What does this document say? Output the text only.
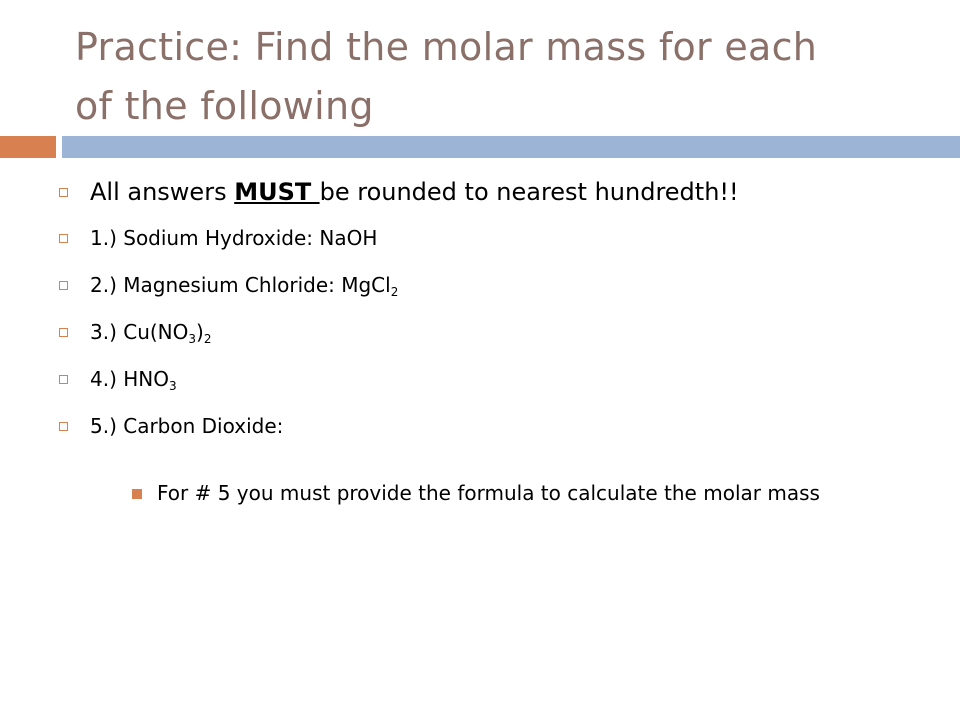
Practice: Find the molar mass for each
of the following
All answers MUST be rounded to nearest hundredth!!
1.) Sodium Hydroxide: NaOH
2.) Magnesium Chloride: MgCl$_2$
3.) $Cu(NO_3)_2$
4.) $HNO_3$
5.) Carbon Dioxide:
For # 5 you must provide the formula to calculate the molar mass
